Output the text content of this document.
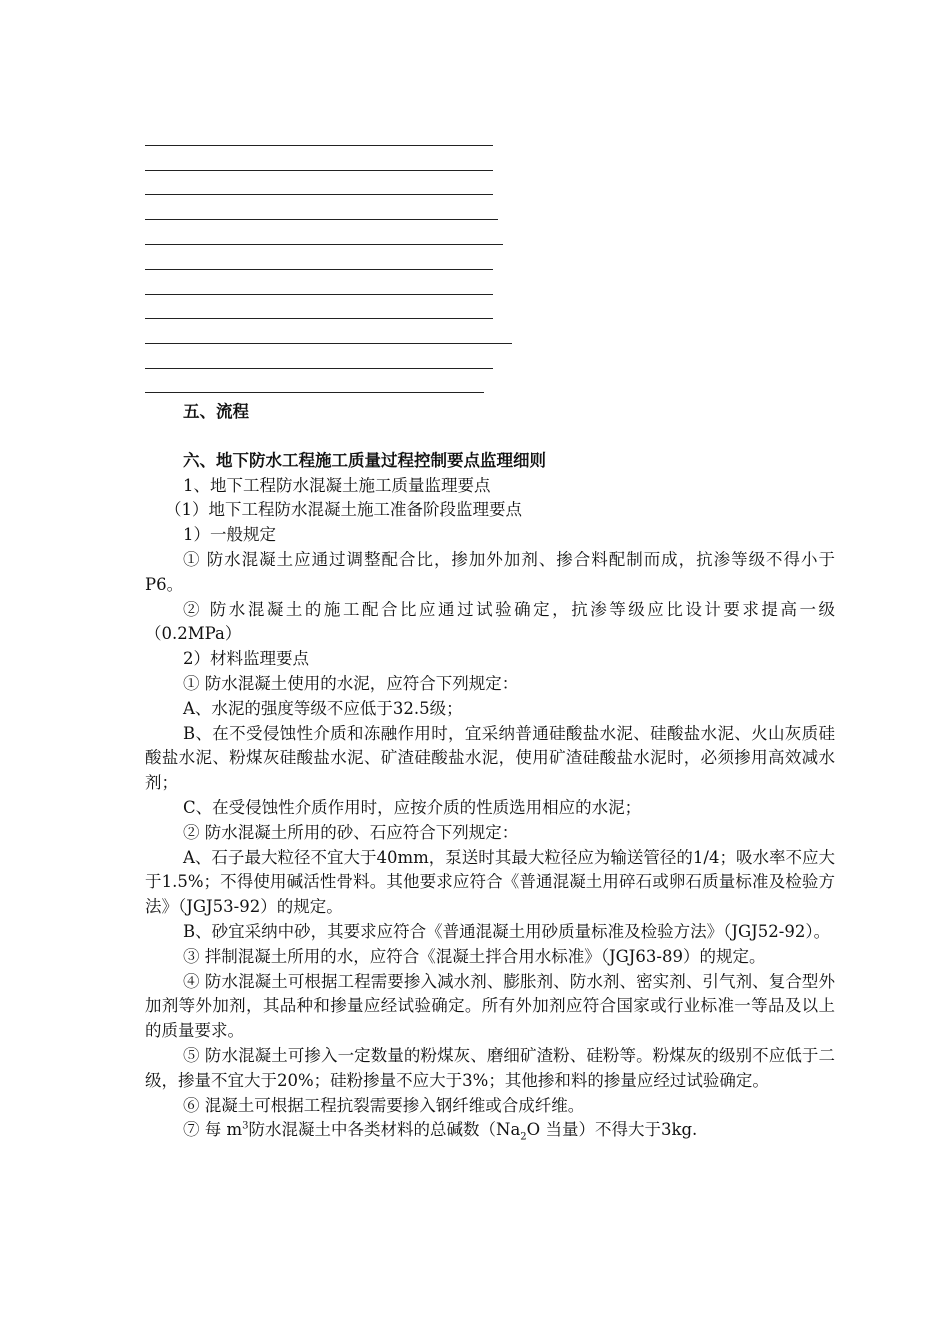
五、流程

六、地下防水工程施工质量过程控制要点监理细则

1、地下工程防水混凝土施工质量监理要点

（1）地下工程防水混凝土施工准备阶段监理要点

1）一般规定

① 防水混凝土应通过调整配合比，掺加外加剂、掺合料配制而成，抗渗等级不得小于P6。

② 防水混凝土的施工配合比应通过试验确定，抗渗等级应比设计要求提高一级（0.2MPa）

2）材料监理要点

① 防水混凝土使用的水泥，应符合下列规定：

A、水泥的强度等级不应低于32.5级；

B、在不受侵蚀性介质和冻融作用时，宜采纳普通硅酸盐水泥、硅酸盐水泥、火山灰质硅酸盐水泥、粉煤灰硅酸盐水泥、矿渣硅酸盐水泥，使用矿渣硅酸盐水泥时，必须掺用高效减水剂；

C、在受侵蚀性介质作用时，应按介质的性质选用相应的水泥；

② 防水混凝土所用的砂、石应符合下列规定：

A、石子最大粒径不宜大于40mm，泵送时其最大粒径应为输送管径的1/4；吸水率不应大于1.5%；不得使用碱活性骨料。其他要求应符合《普通混凝土用碎石或卵石质量标准及检验方法》（JGJ53-92）的规定。

B、砂宜采纳中砂，其要求应符合《普通混凝土用砂质量标准及检验方法》（JGJ52-92）。

③ 拌制混凝土所用的水，应符合《混凝土拌合用水标准》（JGJ63-89）的规定。

④ 防水混凝土可根据工程需要掺入减水剂、膨胀剂、防水剂、密实剂、引气剂、复合型外加剂等外加剂，其品种和掺量应经试验确定。所有外加剂应符合国家或行业标准一等品及以上的质量要求。

⑤ 防水混凝土可掺入一定数量的粉煤灰、磨细矿渣粉、硅粉等。粉煤灰的级别不应低于二级，掺量不宜大于20%；硅粉掺量不应大于3%；其他掺和料的掺量应经过试验确定。

⑥ 混凝土可根据工程抗裂需要掺入钢纤维或合成纤维。

⑦ 每 $m^3$防水混凝土中各类材料的总碱数（$Na_2O$ 当量）不得大于3kg.
